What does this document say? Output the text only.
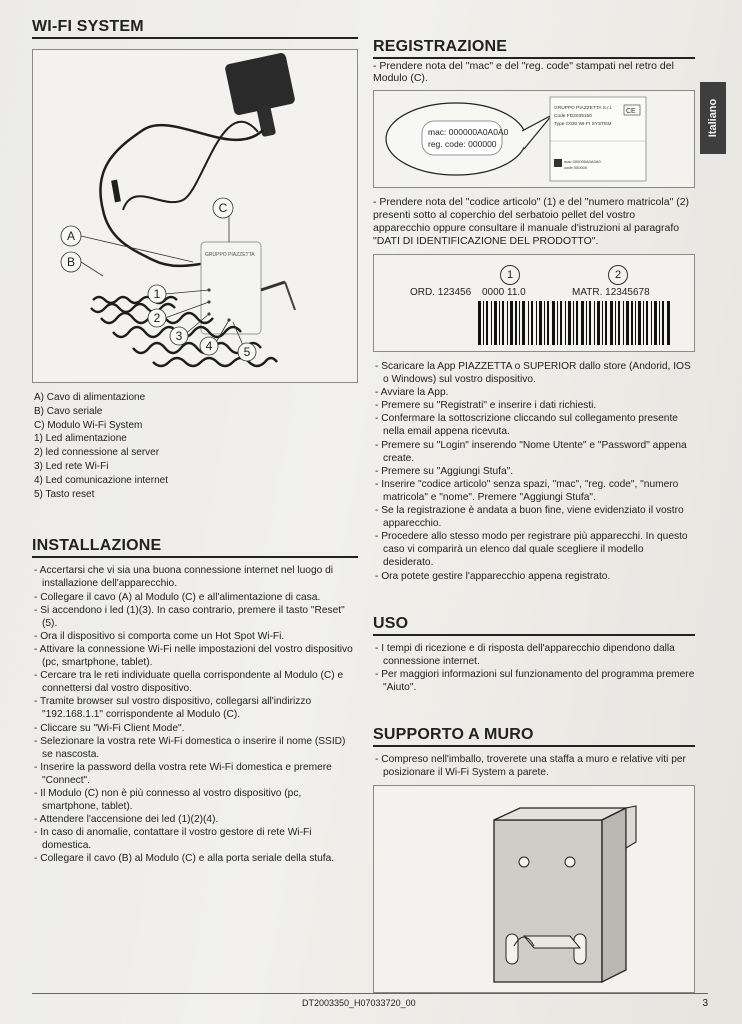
WI-FI SYSTEM
GRUPPO PIAZZETTA
A
B
C
1
2
3
4	5
A) Cavo di alimentazione
B) Cavo seriale
C) Modulo Wi-Fi System
1) Led alimentazione
2) led connessione al server
3) Led rete Wi-Fi
4) Led comunicazione internet
5) Tasto reset
INSTALLAZIONE
- Accertarsi che vi sia una buona connessione internet nel luogo di installazione dell'apparecchio.
- Collegare il cavo (A) al Modulo (C) e all'alimentazione di casa.
- Si accendono i led (1)(3). In caso contrario, premere il tasto "Reset" (5).
- Ora il dispositivo si comporta come un Hot Spot Wi-Fi.
- Attivare la connessione Wi-Fi nelle impostazioni del vostro dispositivo (pc, smartphone, tablet).
- Cercare tra le reti individuate quella corrispondente al Modulo (C) e connettersi dal vostro dispositivo.
- Tramite browser sul vostro dispositivo, collegarsi all'indirizzo "192.168.1.1" corrispondente al Modulo (C).
- Cliccare su "Wi-Fi Client Mode".
- Selezionare la vostra rete Wi-Fi domestica o inserire il nome (SSID) se nascosta.
- Inserire la password della vostra rete Wi-Fi domestica e premere "Connect".
- Il Modulo (C) non è più connesso al vostro dispositivo (pc, smartphone, tablet).
- Attendere l'accensione dei led (1)(2)(4).
- In caso di anomalie, contattare il vostro gestore di rete Wi-Fi domestica.
- Collegare il cavo (B) al Modulo (C) e alla porta seriale della stufa.
REGISTRAZIONE
- Prendere nota del "mac" e del "reg. code" stampati nel retro del Modulo (C).
mac: 000000A0A0A0
reg. code: 000000
GRUPPO PIAZZETTA S.r.l.
Code FD2035150
Type C030 WI-FI SYSTEM
CE
mac 000000A0A0A0
code 000000
- Prendere nota del "codice articolo" (1) e del "numero matricola" (2) presenti sotto al coperchio del serbatoio pellet del vostro apparecchio oppure consultare il manuale d'istruzioni al paragrafo "DATI DI IDENTIFICAZIONE DEL PRODOTTO".
1	2
ORD. 123456 0000 11.0	MATR. 12345678
- Scaricare la App PIAZZETTA o SUPERIOR dallo store (Andorid, IOS o Windows) sul vostro dispositivo.
- Avviare la App.
- Premere su "Registrati" e inserire i dati richiesti.
- Confermare la sottoscrizione cliccando sul collegamento presente nella email appena ricevuta.
- Premere su "Login" inserendo "Nome Utente" e "Password" appena create.
- Premere su "Aggiungi Stufa".
- Inserire "codice articolo" senza spazi, "mac", "reg. code", "numero matricola" e "nome". Premere "Aggiungi Stufa".
- Se la registrazione è andata a buon fine, viene evidenziato il vostro apparecchio.
- Procedere allo stesso modo per registrare più apparecchi. In questo caso vi comparirà un elenco dal quale scegliere il modello desiderato.
- Ora potete gestire l'apparecchio appena registrato.
USO
- I tempi di ricezione e di risposta dell'apparecchio dipendono dalla connessione internet.
- Per maggiori informazioni sul funzionamento del programma premere "Aiuto".
SUPPORTO A MURO
- Compreso nell'imballo, troverete una staffa a muro e relative viti per posizionare il Wi-Fi System a parete.
Italiano
DT2003350_H07033720_00	3
